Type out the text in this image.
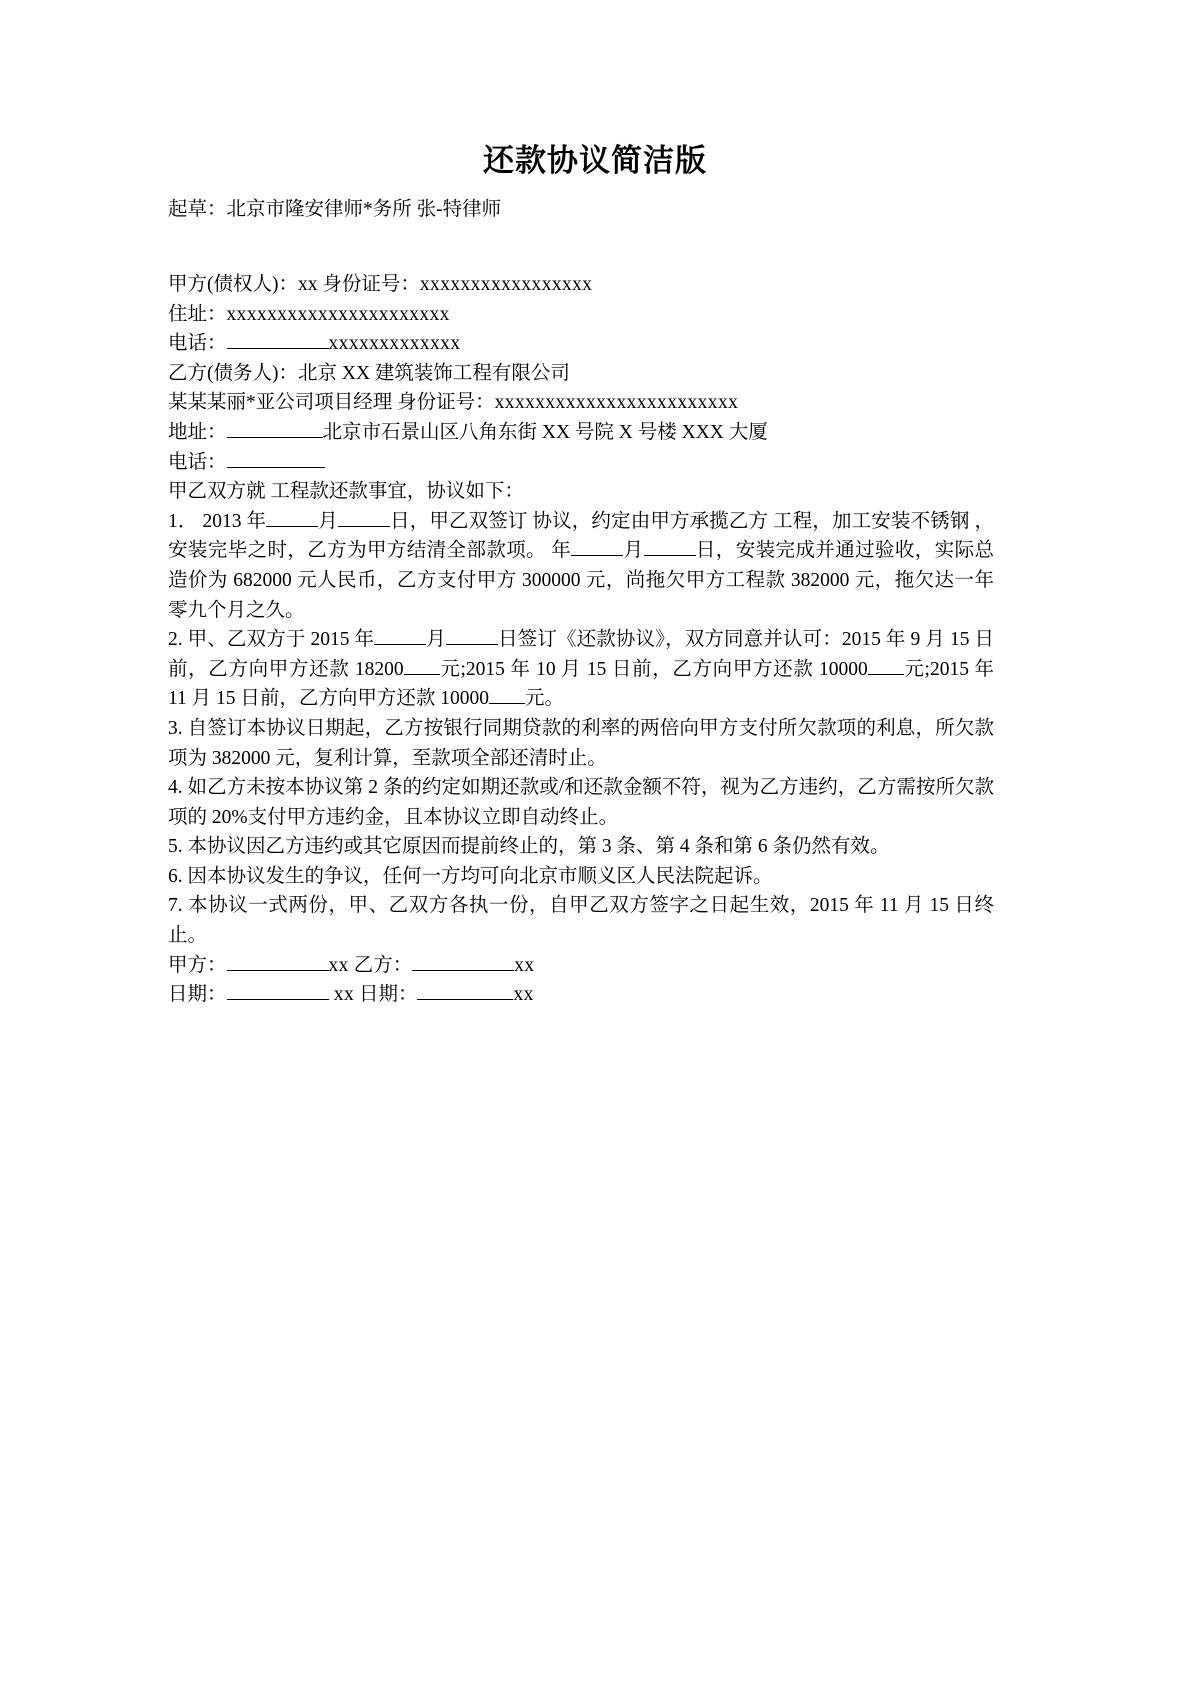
还款协议简洁版
起草：北京市隆安律师*务所 张-特律师
甲方(债权人)：xx 身份证号：xxxxxxxxxxxxxxxxx
住址：xxxxxxxxxxxxxxxxxxxxxx
电话：	xxxxxxxxxxxxx
乙方(债务人)：北京 XX 建筑装饰工程有限公司
某某某丽*亚公司项目经理 身份证号：xxxxxxxxxxxxxxxxxxxxxxxx
地址：	北京市石景山区八角东街 XX 号院 X 号楼 XXX 大厦
电话：
甲乙双方就 工程款还款事宜，协议如下：

1． 2013 年	月	日，甲乙双签订 协议，约定由甲方承揽乙方 工程，加工安装不锈钢 ，安装完毕之时，乙方为甲方结清全部款项。 年	月	日，安装完成并通过验收，实际总造价为 682000 元人民币，乙方支付甲方 300000 元，尚拖欠甲方工程款 382000 元，拖欠达一年零九个月之久。

2. 甲、乙双方于 2015 年	月	日签订《还款协议》，双方同意并认可：2015 年 9 月 15 日前，乙方向甲方还款 18200 元;2015 年 10 月 15 日前，乙方向甲方还款 10000 元;2015 年 11 月 15 日前，乙方向甲方还款 10000 元。

3. 自签订本协议日期起，乙方按银行同期贷款的利率的两倍向甲方支付所欠款项的利息，所欠款项为 382000 元，复利计算，至款项全部还清时止。

4. 如乙方未按本协议第 2 条的约定如期还款或/和还款金额不符，视为乙方违约，乙方需按所欠款项的 20%支付甲方违约金，且本协议立即自动终止。

5. 本协议因乙方违约或其它原因而提前终止的，第 3 条、第 4 条和第 6 条仍然有效。

6. 因本协议发生的争议，任何一方均可向北京市顺义区人民法院起诉。

7. 本协议一式两份，甲、乙双方各执一份，自甲乙双方签字之日起生效，2015 年 11 月 15 日终止。

甲方：	xx 乙方：	xx
日期：	xx 日期：	xx
